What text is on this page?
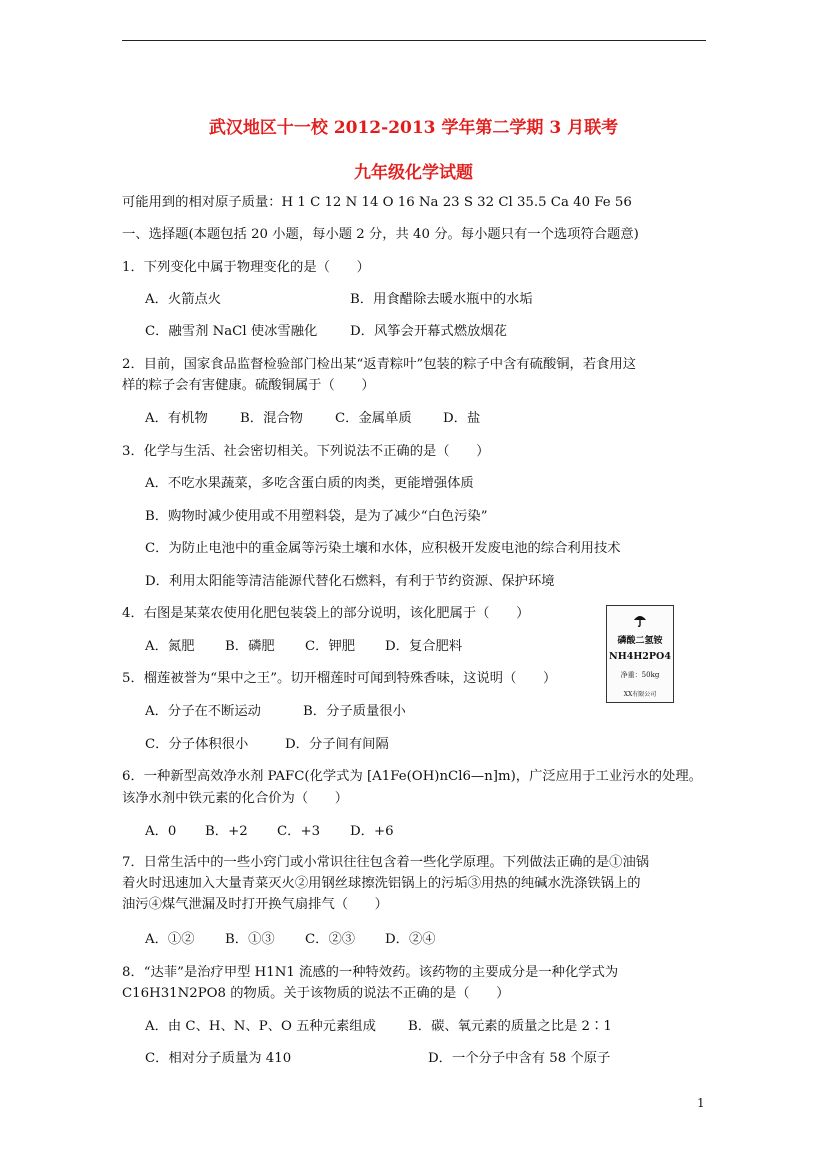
武汉地区十一校 2012-2013 学年第二学期 3 月联考
九年级化学试题
可能用到的相对原子质量：H 1 C 12 N 14 O 16 Na 23 S 32 Cl 35.5 Ca 40 Fe 56
一、选择题(本题包括 20 小题，每小题 2 分，共 40 分。每小题只有一个选项符合题意)
1．下列变化中属于物理变化的是（　　）
A．火箭点火	B．用食醋除去暖水瓶中的水垢
C．融雪剂 NaCl 使冰雪融化 D．风筝会开幕式燃放烟花
2．目前，国家食品监督检验部门检出某“返青粽叶”包装的粽子中含有硫酸铜，若食用这
样的粽子会有害健康。硫酸铜属于（　　）
A．有机物 B．混合物 C．金属单质 D．盐
3．化学与生活、社会密切相关。下列说法不正确的是（　　）
A．不吃水果蔬菜，多吃含蛋白质的肉类，更能增强体质
B．购物时减少使用或不用塑料袋，是为了减少“白色污染”
C．为防止电池中的重金属等污染土壤和水体，应积极开发废电池的综合利用技术
D．利用太阳能等清洁能源代替化石燃料，有利于节约资源、保护环境
4．右图是某菜农使用化肥包装袋上的部分说明，该化肥属于（　　）
A．氮肥 B．磷肥 C．钾肥 D．复合肥料	磷酸二氢铵
NH4H2PO4
净重：50kg
XX有限公司
5．榴莲被誉为“果中之王”。切开榴莲时可闻到特殊香味，这说明（　　）
A．分子在不断运动	B．分子质量很小
C．分子体积很小	D．分子间有间隔
6．一种新型高效净水剂 PAFC(化学式为 [A1Fe(OH)nCl6—n]m)，广泛应用于工业污水的处理。
该净水剂中铁元素的化合价为（　　）
A．0 B．+2 C．+3 D．+6
7．日常生活中的一些小窍门或小常识往往包含着一些化学原理。下列做法正确的是①油锅
着火时迅速加入大量青菜灭火②用钢丝球擦洗铝锅上的污垢③用热的纯碱水洗涤铁锅上的
油污④煤气泄漏及时打开换气扇排气（　　）
A．①② B．①③ C．②③ D．②④
8．“达菲”是治疗甲型 H1N1 流感的一种特效药。该药物的主要成分是一种化学式为
C16H31N2PO8 的物质。关于该物质的说法不正确的是（　　）
A．由 C、H、N、P、O 五种元素组成 B．碳、氧元素的质量之比是 2∶1
C．相对分子质量为 410	D．一个分子中含有 58 个原子
1
